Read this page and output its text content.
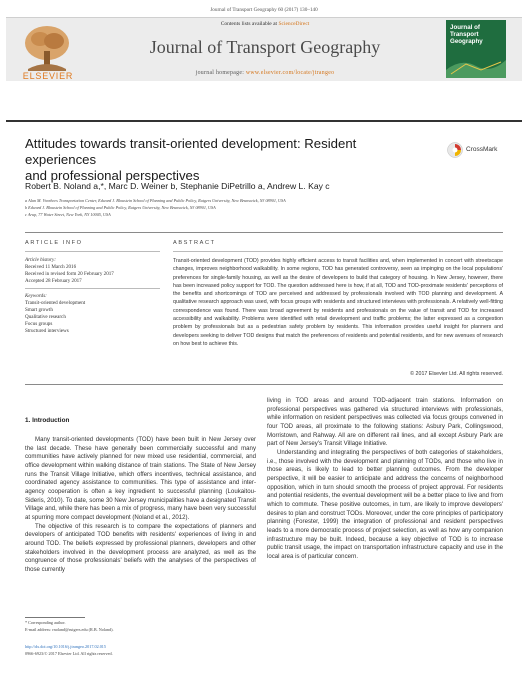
Journal of Transport Geography 60 (2017) 130–140
Contents lists available at ScienceDirect
Journal of Transport Geography
journal homepage: www.elsevier.com/locate/jtrangeo
ELSEVIER
Journal of
Transport
Geography
Attitudes towards transit-oriented development: Resident experiences
and professional perspectives
CrossMark
Robert B. Noland a,*, Marc D. Weiner b, Stephanie DiPetrillo a, Andrew L. Kay c
a Alan M. Voorhees Transportation Center, Edward J. Bloustein School of Planning and Public Policy, Rutgers University, New Brunswick, NJ 08901, USA
b Edward J. Bloustein School of Planning and Public Policy, Rutgers University, New Brunswick, NJ 08901, USA
c Arup, 77 Water Street, New York, NY 10005, USA
ARTICLE INFO	ABSTRACT
Article history:
Received 11 March 2016
Received in revised form 20 February 2017
Accepted 28 February 2017
Keywords:
Transit-oriented development
Smart growth
Qualitative research
Focus groups
Structured interviews
Transit-oriented development (TOD) provides highly efficient access to transit facilities and, when implemented in concert with streetscape changes, improves neighborhood walkability. In some regions, TOD has generated controversy, seen as impinging on the local populations' preferences for single-family housing, as well as the desire of developers to build that category of housing. In New Jersey, however, there has been increased policy support for TOD. The question addressed here is how, if at all, TOD and TOD-proximate residents' perceptions of the benefits and shortcomings of TOD are perceived and addressed by professionals involved with TOD planning and development. A qualitative research approach was used, with focus groups with residents and structured interviews with professionals. A relatively well-fitting correspondence was found. There was broad agreement by residents and professionals on the value of transit and TOD for increased accessibility and walkability. Problems were identified with retail development and traffic problems; the latter expressed as a congestion problem by professionals but as a pedestrian safety problem by residents. This information provides useful insight for planners and developers seeking to deliver TOD designs that match the preferences of residents and potential residents, and for new avenues of research on how best to achieve this.
© 2017 Elsevier Ltd. All rights reserved.
1. Introduction

Many transit-oriented developments (TOD) have been built in New Jersey over the last decade. These have generally been commercially successful and many communities have actively planned for new mixed use residential, commercial, and office development within walking distance of train stations. The State of New Jersey runs the Transit Village Initiative, which offers incentives, technical assistance, and coordinated agency assistance to communities. This type of assistance and inter-agency cooperation is often a key ingredient to successful planning (Loukaitou-Sideris, 2010). To date, some 30 New Jersey municipalities have a designated Transit Village and, while there has been a mix of progress, many have been very successful at spurring more compact development (Noland et al., 2012).

The objective of this research is to compare the expectations of planners and developers of anticipated TOD benefits with residents' experiences of living in and around TOD. The beliefs expressed by professional planners, developers and other stakeholders involved in the development process are analyzed, as well as the congruence of those professionals' beliefs with the analyses of the perspectives of those currently

living in TOD areas and around TOD-adjacent train stations. Information on professional perspectives was gathered via structured interviews with professionals, while information on resident perspectives was collected via focus groups convened in four TOD areas, all proximate to the following stations: Asbury Park, Collingswood, Morristown, and Rahway. All are on different rail lines, and all except Asbury Park are part of New Jersey's Transit Village Initiative.

Understanding and integrating the perspectives of both categories of stakeholders, i.e., those involved with the development and planning of TODs, and those who live in those areas, is likely to lead to better planning outcomes. From the developer perspective, it will be easier to anticipate and address the concerns of neighborhood opposition, which in turn should smooth the process of project approval. For residents and potential residents, the eventual development will be a better place to live and from which to commute. These positive outcomes, in turn, are likely to improve developers' desires to plan and construct TODs. Moreover, under the core principles of participatory planning (Forester, 1999) the integration of professional and resident perspectives leads to a more democratic process of project selection, as well as how any companion infrastructure may be built. Indeed, because a key objective of TOD is to increase public transit usage, the impact on transportation infrastructure capacity and use in the local area is of particular concern.

* Corresponding author.
E-mail address: rnoland@rutgers.edu (R.B. Noland).
http://dx.doi.org/10.1016/j.jtrangeo.2017.02.015
0966-6923/© 2017 Elsevier Ltd. All rights reserved.
